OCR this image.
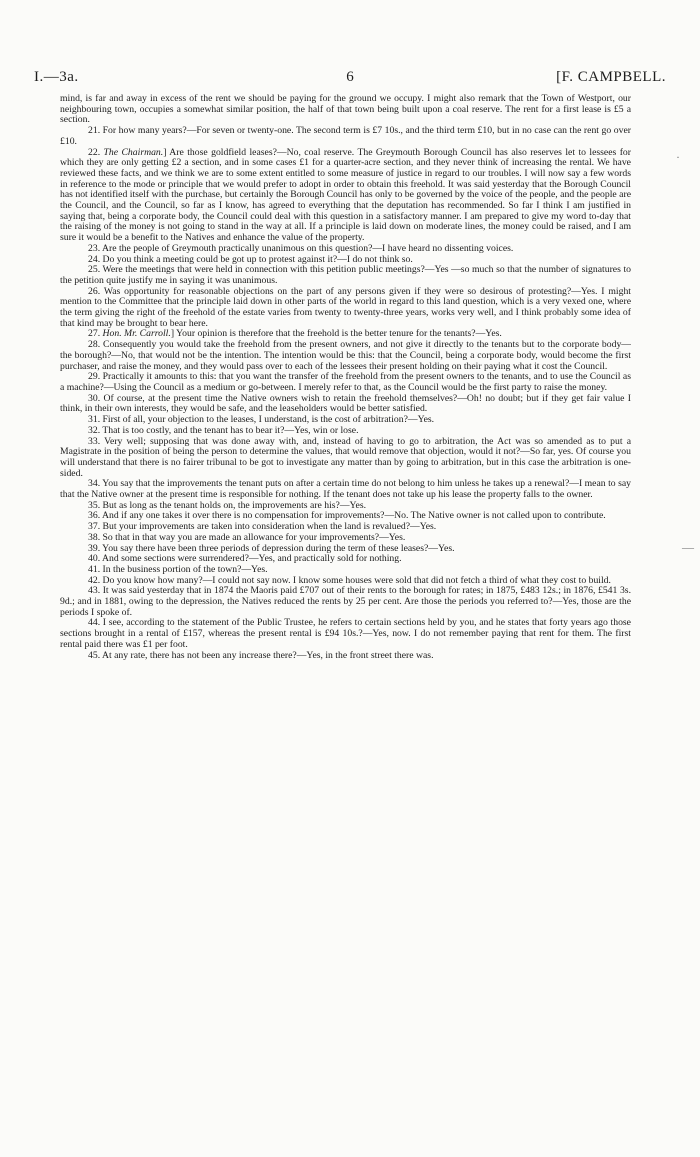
I.—3a.	6	[F. CAMPBELL.
·
—

mind, is far and away in excess of the rent we should be paying for the ground we occupy. I might also remark that the Town of Westport, our neighbouring town, occupies a somewhat similar position, the half of that town being built upon a coal reserve. The rent for a first lease is £5 a section.

21. For how many years?—For seven or twenty-one. The second term is £7 10s., and the third term £10, but in no case can the rent go over £10.

22. The Chairman.] Are those goldfield leases?—No, coal reserve. The Greymouth Borough Council has also reserves let to lessees for which they are only getting £2 a section, and in some cases £1 for a quarter-acre section, and they never think of increasing the rental. We have reviewed these facts, and we think we are to some extent entitled to some measure of justice in regard to our troubles. I will now say a few words in reference to the mode or principle that we would prefer to adopt in order to obtain this freehold. It was said yesterday that the Borough Council has not identified itself with the purchase, but certainly the Borough Council has only to be governed by the voice of the people, and the people are the Council, and the Council, so far as I know, has agreed to everything that the deputation has recommended. So far I think I am justified in saying that, being a corporate body, the Council could deal with this question in a satisfactory manner. I am prepared to give my word to-day that the raising of the money is not going to stand in the way at all. If a principle is laid down on moderate lines, the money could be raised, and I am sure it would be a benefit to the Natives and enhance the value of the property.

23. Are the people of Greymouth practically unanimous on this question?—I have heard no dissenting voices.

24. Do you think a meeting could be got up to protest against it?—I do not think so.

25. Were the meetings that were held in connection with this petition public meetings?—Yes —so much so that the number of signatures to the petition quite justify me in saying it was unanimous.

26. Was opportunity for reasonable objections on the part of any persons given if they were so desirous of protesting?—Yes. I might mention to the Committee that the principle laid down in other parts of the world in regard to this land question, which is a very vexed one, where the term giving the right of the freehold of the estate varies from twenty to twenty-three years, works very well, and I think probably some idea of that kind may be brought to bear here.

27. Hon. Mr. Carroll.] Your opinion is therefore that the freehold is the better tenure for the tenants?—Yes.

28. Consequently you would take the freehold from the present owners, and not give it directly to the tenants but to the corporate body—the borough?—No, that would not be the intention. The intention would be this: that the Council, being a corporate body, would become the first purchaser, and raise the money, and they would pass over to each of the lessees their present holding on their paying what it cost the Council.

29. Practically it amounts to this: that you want the transfer of the freehold from the present owners to the tenants, and to use the Council as a machine?—Using the Council as a medium or go-between. I merely refer to that, as the Council would be the first party to raise the money.

30. Of course, at the present time the Native owners wish to retain the freehold themselves?—Oh! no doubt; but if they get fair value I think, in their own interests, they would be safe, and the leaseholders would be better satisfied.

31. First of all, your objection to the leases, I understand, is the cost of arbitration?—Yes.

32. That is too costly, and the tenant has to bear it?—Yes, win or lose.

33. Very well; supposing that was done away with, and, instead of having to go to arbitration, the Act was so amended as to put a Magistrate in the position of being the person to determine the values, that would remove that objection, would it not?—So far, yes. Of course you will understand that there is no fairer tribunal to be got to investigate any matter than by going to arbitration, but in this case the arbitration is one-sided.

34. You say that the improvements the tenant puts on after a certain time do not belong to him unless he takes up a renewal?—I mean to say that the Native owner at the present time is responsible for nothing. If the tenant does not take up his lease the property falls to the owner.

35. But as long as the tenant holds on, the improvements are his?—Yes.

36. And if any one takes it over there is no compensation for improvements?—No. The Native owner is not called upon to contribute.

37. But your improvements are taken into consideration when the land is revalued?—Yes.

38. So that in that way you are made an allowance for your improvements?—Yes.

39. You say there have been three periods of depression during the term of these leases?—Yes.

40. And some sections were surrendered?—Yes, and practically sold for nothing.

41. In the business portion of the town?—Yes.

42. Do you know how many?—I could not say now. I know some houses were sold that did not fetch a third of what they cost to build.

43. It was said yesterday that in 1874 the Maoris paid £707 out of their rents to the borough for rates; in 1875, £483 12s.; in 1876, £541 3s. 9d.; and in 1881, owing to the depression, the Natives reduced the rents by 25 per cent. Are those the periods you referred to?—Yes, those are the periods I spoke of.

44. I see, according to the statement of the Public Trustee, he refers to certain sections held by you, and he states that forty years ago those sections brought in a rental of £157, whereas the present rental is £94 10s.?—Yes, now. I do not remember paying that rent for them. The first rental paid there was £1 per foot.

45. At any rate, there has not been any increase there?—Yes, in the front street there was.
